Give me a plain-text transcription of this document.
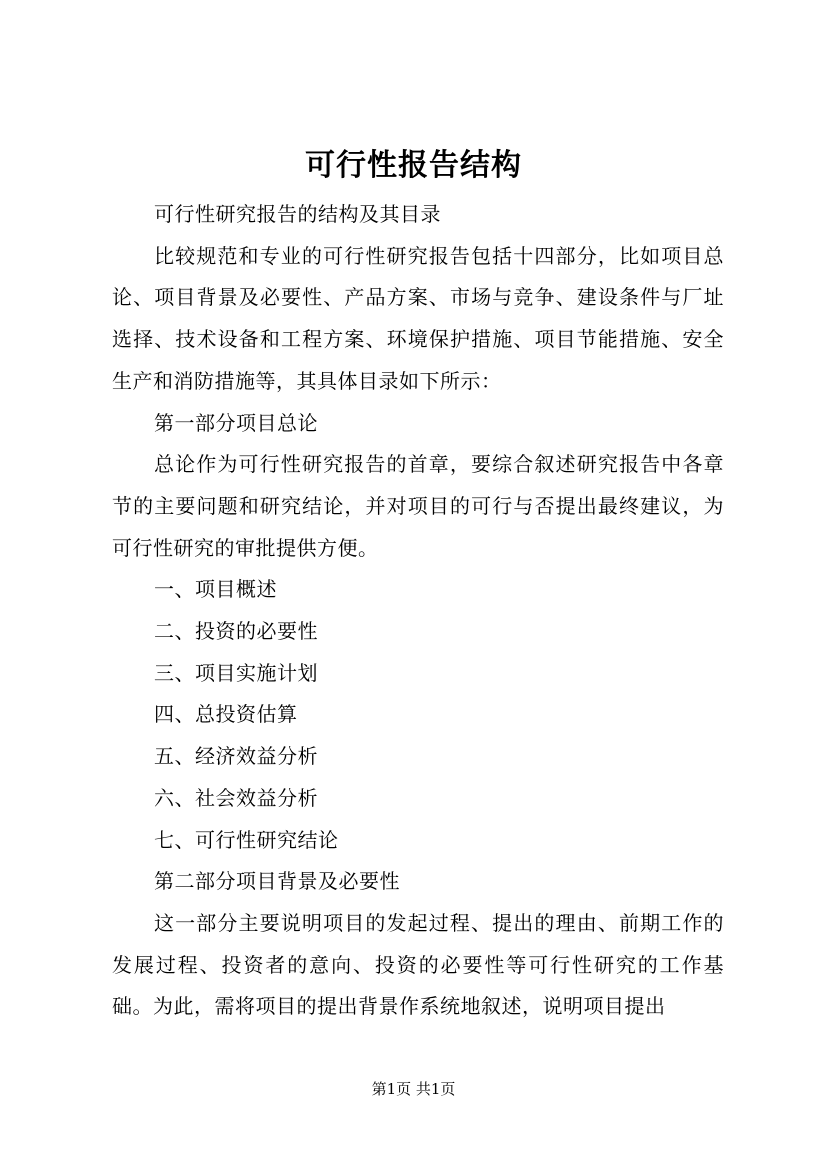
可行性报告结构

可行性研究报告的结构及其目录

比较规范和专业的可行性研究报告包括十四部分，比如项目总论、项目背景及必要性、产品方案、市场与竞争、建设条件与厂址选择、技术设备和工程方案、环境保护措施、项目节能措施、安全生产和消防措施等，其具体目录如下所示：

第一部分项目总论

总论作为可行性研究报告的首章，要综合叙述研究报告中各章节的主要问题和研究结论，并对项目的可行与否提出最终建议，为可行性研究的审批提供方便。

一、项目概述

二、投资的必要性

三、项目实施计划

四、总投资估算

五、经济效益分析

六、社会效益分析

七、可行性研究结论

第二部分项目背景及必要性

这一部分主要说明项目的发起过程、提出的理由、前期工作的发展过程、投资者的意向、投资的必要性等可行性研究的工作基础。为此，需将项目的提出背景作系统地叙述，说明项目提出

第1页 共1页
